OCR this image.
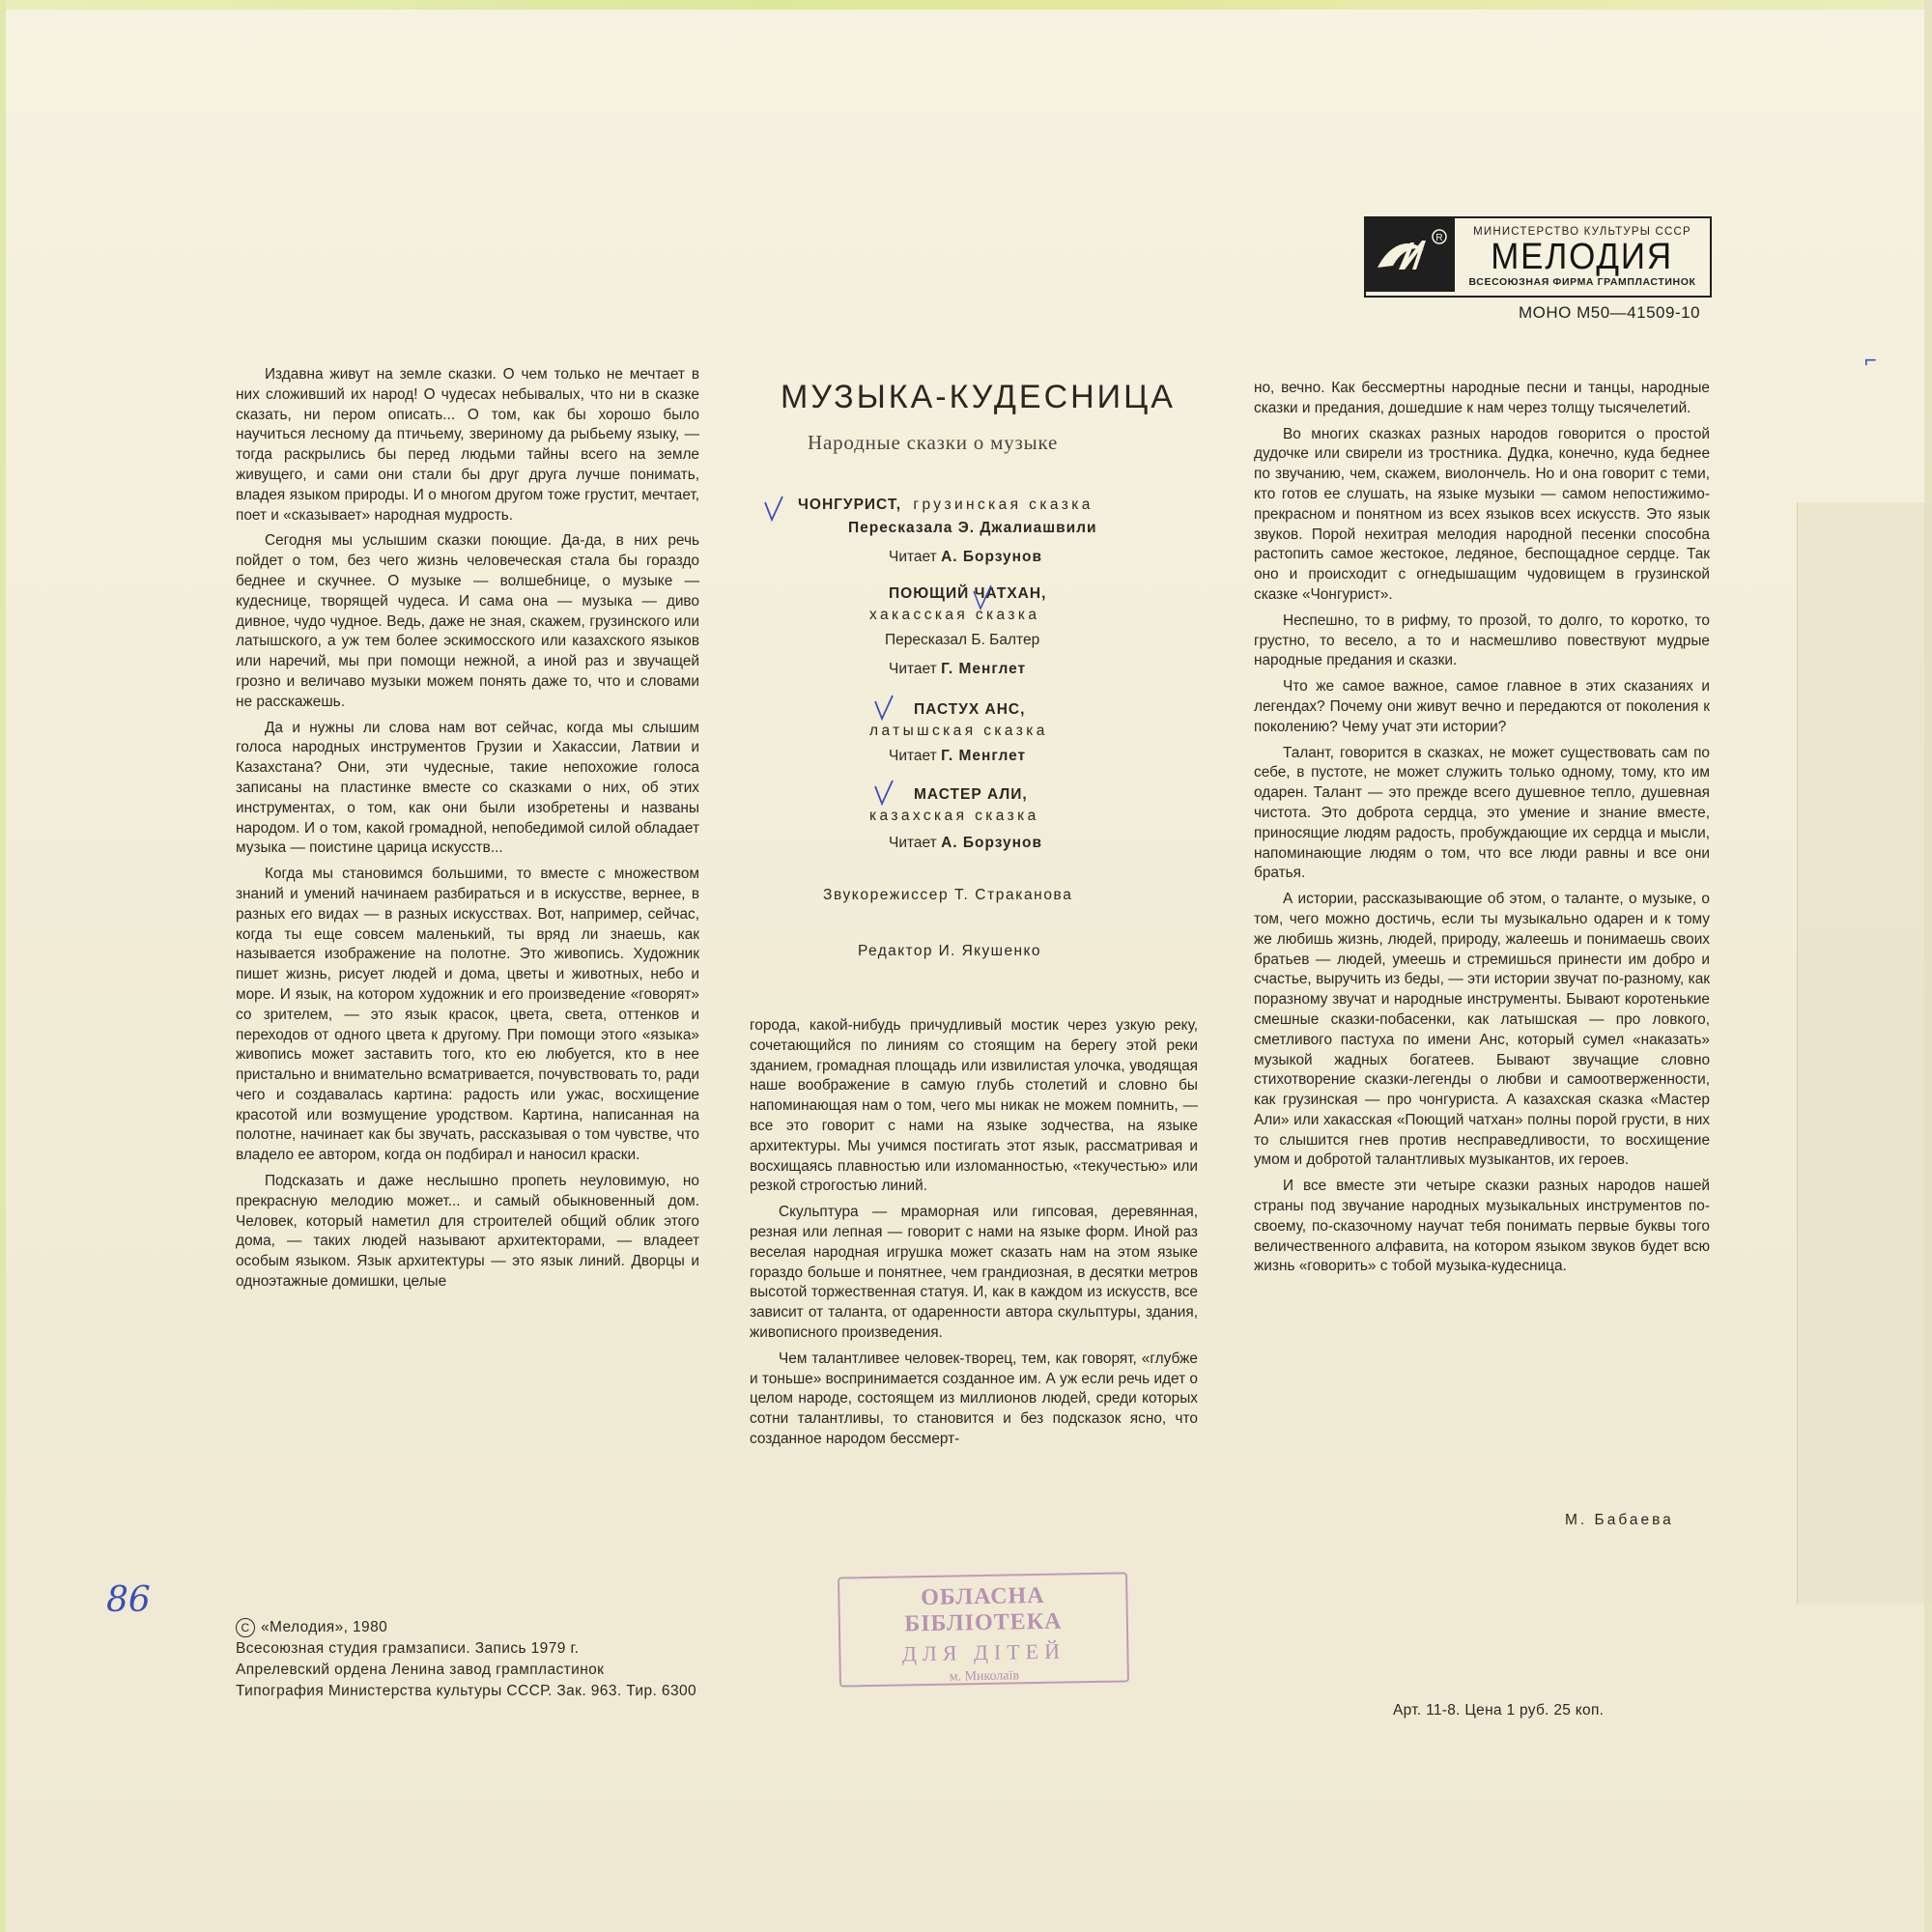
R
МИНИСТЕРСТВО КУЛЬТУРЫ СССР
МЕЛОДИЯ
ВСЕСОЮЗНАЯ ФИРМА ГРАМПЛАСТИНОК
МОНО М50—41509-10

Издавна живут на земле сказки. О чем только не мечтает в них сложивший их народ! О чудесах небывалых, что ни в сказке сказать, ни пером описать... О том, как бы хорошо было научиться лесному да птичьему, звериному да рыбьему языку, — тогда раскрылись бы перед людьми тайны всего на земле живущего, и сами они стали бы друг друга лучше понимать, владея языком природы. И о многом другом тоже грустит, мечтает, поет и «сказывает» народная мудрость.

Сегодня мы услышим сказки поющие. Да-да, в них речь пойдет о том, без чего жизнь человеческая стала бы гораздо беднее и скучнее. О музыке — волшебнице, о музыке — кудеснице, творящей чудеса. И сама она — музыка — диво дивное, чудо чудное. Ведь, даже не зная, скажем, грузинского или латышского, а уж тем более эскимосского или казахского языков или наречий, мы при помощи нежной, а иной раз и звучащей грозно и величаво музыки можем понять даже то, что и словами не расскажешь.

Да и нужны ли слова нам вот сейчас, когда мы слышим голоса народных инструментов Грузии и Хакассии, Латвии и Казахстана? Они, эти чудесные, такие непохожие голоса записаны на пластинке вместе со сказками о них, об этих инструментах, о том, как они были изобретены и названы народом. И о том, какой громадной, непобедимой силой обладает музыка — поистине царица искусств...

Когда мы становимся большими, то вместе с множеством знаний и умений начинаем разбираться и в искусстве, вернее, в разных его видах — в разных искусствах. Вот, например, сейчас, когда ты еще совсем маленький, ты вряд ли знаешь, как называется изображение на полотне. Это живопись. Художник пишет жизнь, рисует людей и дома, цветы и животных, небо и море. И язык, на котором художник и его произведение «говорят» со зрителем, — это язык красок, цвета, света, оттенков и переходов от одного цвета к другому. При помощи этого «языка» живопись может заставить того, кто ею любуется, кто в нее пристально и внимательно всматривается, почувствовать то, ради чего и создавалась картина: радость или ужас, восхищение красотой или возмущение уродством. Картина, написанная на полотне, начинает как бы звучать, рассказывая о том чувстве, что владело ее автором, когда он подбирал и наносил краски.

Подсказать и даже неслышно пропеть неуловимую, но прекрасную мелодию может... и самый обыкновенный дом. Человек, который наметил для строителей общий облик этого дома, — таких людей называют архитекторами, — владеет особым языком. Язык архитектуры — это язык линий. Дворцы и одноэтажные домишки, целые

МУЗЫКА-КУДЕСНИЦА
Народные сказки о музыке
ЧОНГУРИСТ, грузинская сказка
Пересказала Э. Джалиашвили
Читает А. Борзунов
ПОЮЩИЙ ЧАТХАН,
хакасская сказка
Пересказал Б. Балтер
Читает Г. Менглет
ПАСТУХ АНС,
латышская сказка
Читает Г. Менглет
МАСТЕР АЛИ,
казахская сказка
Читает А. Борзунов
Звукорежиссер Т. Стpаканова
Редактор И. Якушенко

города, какой-нибудь причудливый мостик через узкую реку, сочетающийся по линиям со стоящим на берегу этой реки зданием, громадная площадь или извилистая улочка, уводящая наше воображение в самую глубь столетий и словно бы напоминающая нам о том, чего мы никак не можем помнить, — все это говорит с нами на языке зодчества, на языке архитектуры. Мы учимся постигать этот язык, рассматривая и восхищаясь плавностью или изломанностью, «текучестью» или резкой строгостью линий.

Скульптура — мраморная или гипсовая, деревянная, резная или лепная — говорит с нами на языке форм. Иной раз веселая народная игрушка может сказать нам на этом языке гораздо больше и понятнее, чем грандиозная, в десятки метров высотой торжественная статуя. И, как в каждом из искусств, все зависит от таланта, от одаренности автора скульптуры, здания, живописного произведения.

Чем талантливее человек-творец, тем, как говорят, «глубже и тоньше» воспринимается созданное им. А уж если речь идет о целом народе, состоящем из миллионов людей, среди которых сотни талантливы, то становится и без подсказок ясно, что созданное народом бессмерт-

но, вечно. Как бессмертны народные песни и танцы, народные сказки и предания, дошедшие к нам через толщу тысячелетий.

Во многих сказках разных народов говорится о простой дудочке или свирели из тростника. Дудка, конечно, куда беднее по звучанию, чем, скажем, виолончель. Но и она говорит с теми, кто готов ее слушать, на языке музыки — самом непостижимо-прекрасном и понятном из всех языков всех искусств. Это язык звуков. Порой нехитрая мелодия народной песенки способна растопить самое жестокое, ледяное, беспощадное сердце. Так оно и происходит с огнедышащим чудовищем в грузинской сказке «Чонгурист».

Неспешно, то в рифму, то прозой, то долго, то коротко, то грустно, то весело, а то и насмешливо повествуют мудрые народные предания и сказки.

Что же самое важное, самое главное в этих сказаниях и легендах? Почему они живут вечно и передаются от поколения к поколению? Чему учат эти истории?

Талант, говорится в сказках, не может существовать сам по себе, в пустоте, не может служить только одному, тому, кто им одарен. Талант — это прежде всего душевное тепло, душевная чистота. Это доброта сердца, это умение и знание вместе, приносящие людям радость, пробуждающие их сердца и мысли, напоминающие людям о том, что все люди равны и все они братья.

А истории, рассказывающие об этом, о таланте, о музыке, о том, чего можно достичь, если ты музыкально одарен и к тому же любишь жизнь, людей, природу, жалеешь и понимаешь своих братьев — людей, умеешь и стремишься принести им добро и счастье, выручить из беды, — эти истории звучат по-разному, как поразному звучат и народные инструменты. Бывают коротенькие смешные сказки-побасенки, как латышская — про ловкого, сметливого пастуха по имени Анс, который сумел «наказать» музыкой жадных богатеев. Бывают звучащие словно стихотворение сказки-легенды о любви и самоотверженности, как грузинская — про чонгуриста. А казахская сказка «Мастер Али» или хакасская «Поющий чатхан» полны порой грусти, в них то слышится гнев против несправедливости, то восхищение умом и добротой талантливых музыкантов, их героев.

И все вместе эти четыре сказки разных народов нашей страны под звучание народных музыкальных инструментов по-своему, по-сказочному научат тебя понимать первые буквы того величественного алфавита, на котором языком звуков будет всю жизнь «говорить» с тобой музыка-кудесница.

М. Бабаева
С «Мелодия», 1980
Всесоюзная студия грамзаписи. Запись 1979 г.
Апрелевский ордена Ленина завод грампластинок
Типография Министерства культуры СССР. Зак. 963. Тир. 6300
Арт. 11-8. Цена 1 руб. 25 коп.
ОБЛАСНА БІБЛІОТЕКА
ДЛЯ ДІТЕЙ
м. Миколаїв
86
⌐
